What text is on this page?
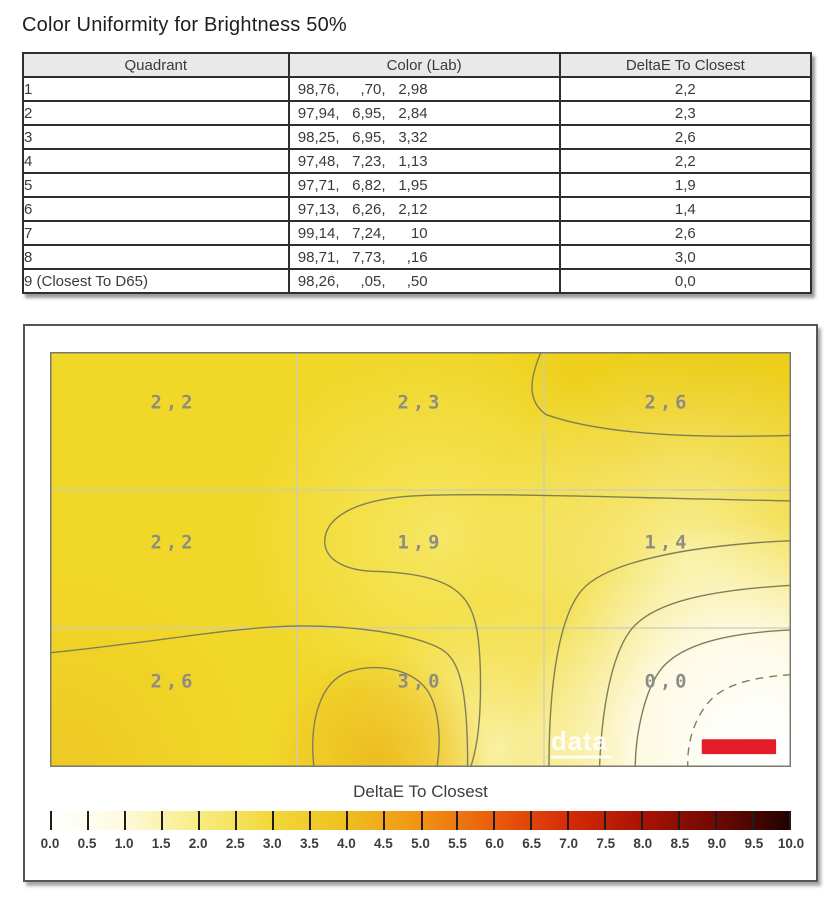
Color Uniformity for Brightness 50%
Quadrant	Color (Lab)	DeltaE To Closest
1	98,76, ,70, 2,98	2,2
2	97,94, 6,95, 2,84	2,3
3	98,25, 6,95, 3,32	2,6
4	97,48, 7,23, 1,13	2,2
5	97,71, 6,82, 1,95	1,9
6	97,13, 6,26, 2,12	1,4
7	99,14, 7,24, 10	2,6
8	98,71, 7,73, ,16	3,0
9 (Closest To D65)	98,26, ,05, ,50	0,0
2,2	2,3	2,6
2,2	1,9	1,4
2,6	3,0	0,0
data
DeltaE To Closest
0.0 0.5 1.0 1.5 2.0 2.5 3.0 3.5 4.0 4.5 5.0 5.5 6.0 6.5 7.0 7.5 8.0 8.5 9.0 9.5 10.0
